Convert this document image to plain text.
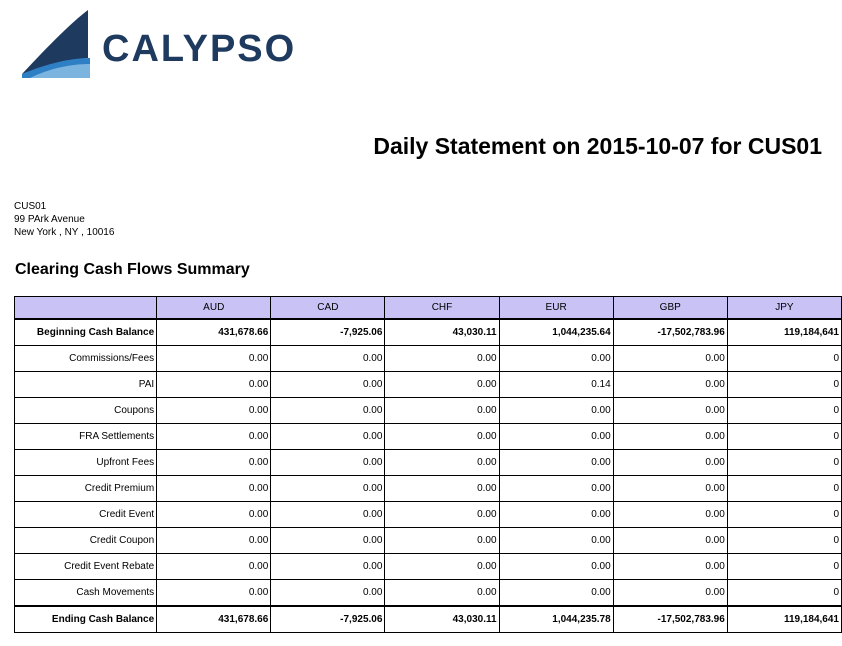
CALYPSO
Daily Statement on 2015-10-07 for CUS01
CUS01
99 PArk Avenue
New York , NY , 10016
Clearing Cash Flows Summary
	AUD	CAD	CHF	EUR	GBP	JPY
Beginning Cash Balance	431,678.66	-7,925.06	43,030.11	1,044,235.64	-17,502,783.96	119,184,641
Commissions/Fees	0.00	0.00	0.00	0.00	0.00	0
PAI	0.00	0.00	0.00	0.14	0.00	0
Coupons	0.00	0.00	0.00	0.00	0.00	0
FRA Settlements	0.00	0.00	0.00	0.00	0.00	0
Upfront Fees	0.00	0.00	0.00	0.00	0.00	0
Credit Premium	0.00	0.00	0.00	0.00	0.00	0
Credit Event	0.00	0.00	0.00	0.00	0.00	0
Credit Coupon	0.00	0.00	0.00	0.00	0.00	0
Credit Event Rebate	0.00	0.00	0.00	0.00	0.00	0
Cash Movements	0.00	0.00	0.00	0.00	0.00	0
Ending Cash Balance	431,678.66	-7,925.06	43,030.11	1,044,235.78	-17,502,783.96	119,184,641
